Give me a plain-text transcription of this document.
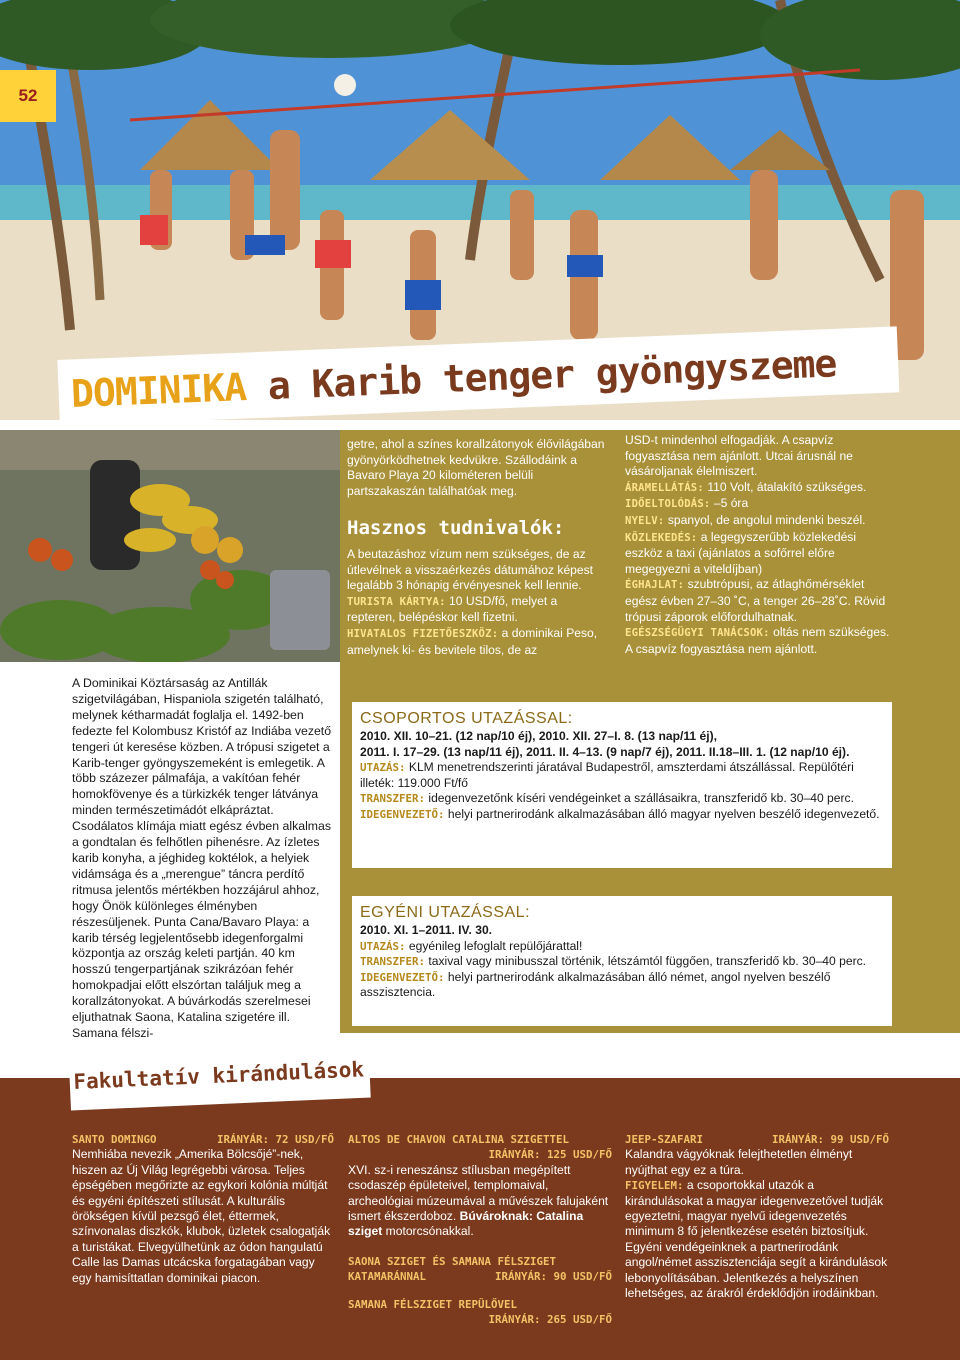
52
DOMINIKA a Karib tenger gyöngyszeme
A Dominikai Köztársaság az Antillák szigetvilágában, Hispaniola szigetén található, melynek kétharmadát foglalja el. 1492-ben fedezte fel Kolombusz Kristóf az Indiába vezető tengeri út keresése közben. A trópusi szigetet a Karib-tenger gyöngyszemeként is emlegetik. A több százezer pálmafája, a vakítóan fehér homokfövenye és a türkizkék tenger látványa minden természetimádót elkápráztat. Csodálatos klímája miatt egész évben alkalmas a gondtalan és felhőtlen pihenésre. Az ízletes karib konyha, a jéghideg koktélok, a helyiek vidámsága és a „merengue” táncra perdítő ritmusa jelentős mértékben hozzájárul ahhoz, hogy Önök különleges élményben részesüljenek. Punta Cana/Bavaro Playa: a karib térség legjelentősebb idegenforgalmi központja az ország keleti partján. 40 km hosszú tengerpartjának szikrázóan fehér homokpadjai előtt elszórtan találjuk meg a korallzátonyokat. A búvárkodás szerelmesei eljuthatnak Saona, Katalina szigetére ill. Samana félszi-
getre, ahol a színes korallzátonyok élővilágában gyönyörködhetnek kedvükre. Szállodáink a Bavaro Playa 20 kilométeren belüli partszakaszán találhatóak meg.
Hasznos tudnivalók:
A beutazáshoz vízum nem szükséges, de az útlevélnek a visszaérkezés dátumához képest legalább 3 hónapig érvényesnek kell lennie.
TURISTA KÁRTYA: 10 USD/fő, melyet a repteren, belépéskor kell fizetni.
HIVATALOS FIZETŐESZKÖZ: a dominikai Peso, amelynek ki- és bevitele tilos, de az
USD-t mindenhol elfogadják. A csapvíz fogyasztása nem ajánlott. Utcai árusnál ne vásároljanak élelmiszert.
ÁRAMELLÁTÁS: 110 Volt, átalakító szükséges.
IDŐELTOLÓDÁS: –5 óra
NYELV: spanyol, de angolul mindenki beszél.
KÖZLEKEDÉS: a legegyszerűbb közlekedési eszköz a taxi (ajánlatos a sofőrrel előre megegyezni a viteldíjban)
ÉGHAJLAT: szubtrópusi, az átlaghőmérséklet egész évben 27–30 ˚C, a tenger 26–28˚C. Rövid trópusi záporok előfordulhatnak.
EGÉSZSÉGÜGYI TANÁCSOK: oltás nem szükséges. A csapvíz fogyasztása nem ajánlott.
CSOPORTOS UTAZÁSSAL:
2010. XII. 10–21. (12 nap/10 éj), 2010. XII. 27–I. 8. (13 nap/11 éj),
2011. I. 17–29. (13 nap/11 éj), 2011. II. 4–13. (9 nap/7 éj), 2011. II.18–III. 1. (12 nap/10 éj).
UTAZÁS: KLM menetrendszerinti járatával Budapestről, amszterdami átszállással. Repülőtéri illeték: 119.000 Ft/fő
TRANSZFER: idegenvezetőnk kíséri vendégeinket a szállásaikra, transzferidő kb. 30–40 perc.
IDEGENVEZETŐ: helyi partnerirodánk alkalmazásában álló magyar nyelven beszélő idegenvezető.
EGYÉNI UTAZÁSSAL:
2010. XI. 1–2011. IV. 30.
UTAZÁS: egyénileg lefoglalt repülőjárattal!
TRANSZFER: taxival vagy minibusszal történik, létszámtól függően, transzferidő kb. 30–40 perc.
IDEGENVEZETŐ: helyi partnerirodánk alkalmazásában álló német, angol nyelven beszélő asszisztencia.
Fakultatív kirándulások
SANTO DOMINGO	IRÁNYÁR: 72 USD/FŐ
Nemhiába nevezik „Amerika Bölcsőjé”-nek, hiszen az Új Világ legrégebbi városa. Teljes épségében megőrizte az egykori kolónia múltját és egyéni építészeti stílusát. A kulturális örökségen kívül pezsgő élet, éttermek, színvonalas diszkók, klubok, üzletek csalogatják a turistákat. Elvegyülhetünk az ódon hangulatú Calle las Damas utcácska forgatagában vagy egy hamisíttatlan dominikai piacon.
ALTOS DE CHAVON CATALINA SZIGETTEL
IRÁNYÁR: 125 USD/FŐ
XVI. sz-i reneszánsz stílusban megépített csodaszép épületeivel, templomaival, archeológiai múzeumával a művészek falujaként ismert ékszerdoboz. Búvároknak: Catalina sziget motorcsónakkal.
SAONA SZIGET ÉS SAMANA FÉLSZIGET
KATAMARÁNNAL	IRÁNYÁR: 90 USD/FŐ
SAMANA FÉLSZIGET REPÜLŐVEL
IRÁNYÁR: 265 USD/FŐ
JEEP-SZAFARI	IRÁNYÁR: 99 USD/FŐ
Kalandra vágyóknak felejthetetlen élményt nyújthat egy ez a túra.
FIGYELEM: a csoportokkal utazók a kirándulásokat a magyar idegenvezetővel tudják egyeztetni, magyar nyelvű idegenvezetés minimum 8 fő jelentkezése esetén biztosítjuk. Egyéni vendégeinknek a partnerirodánk angol/német asszisztenciája segít a kirándulások lebonyolításában. Jelentkezés a helyszínen lehetséges, az árakról érdeklődjön irodáinkban.
